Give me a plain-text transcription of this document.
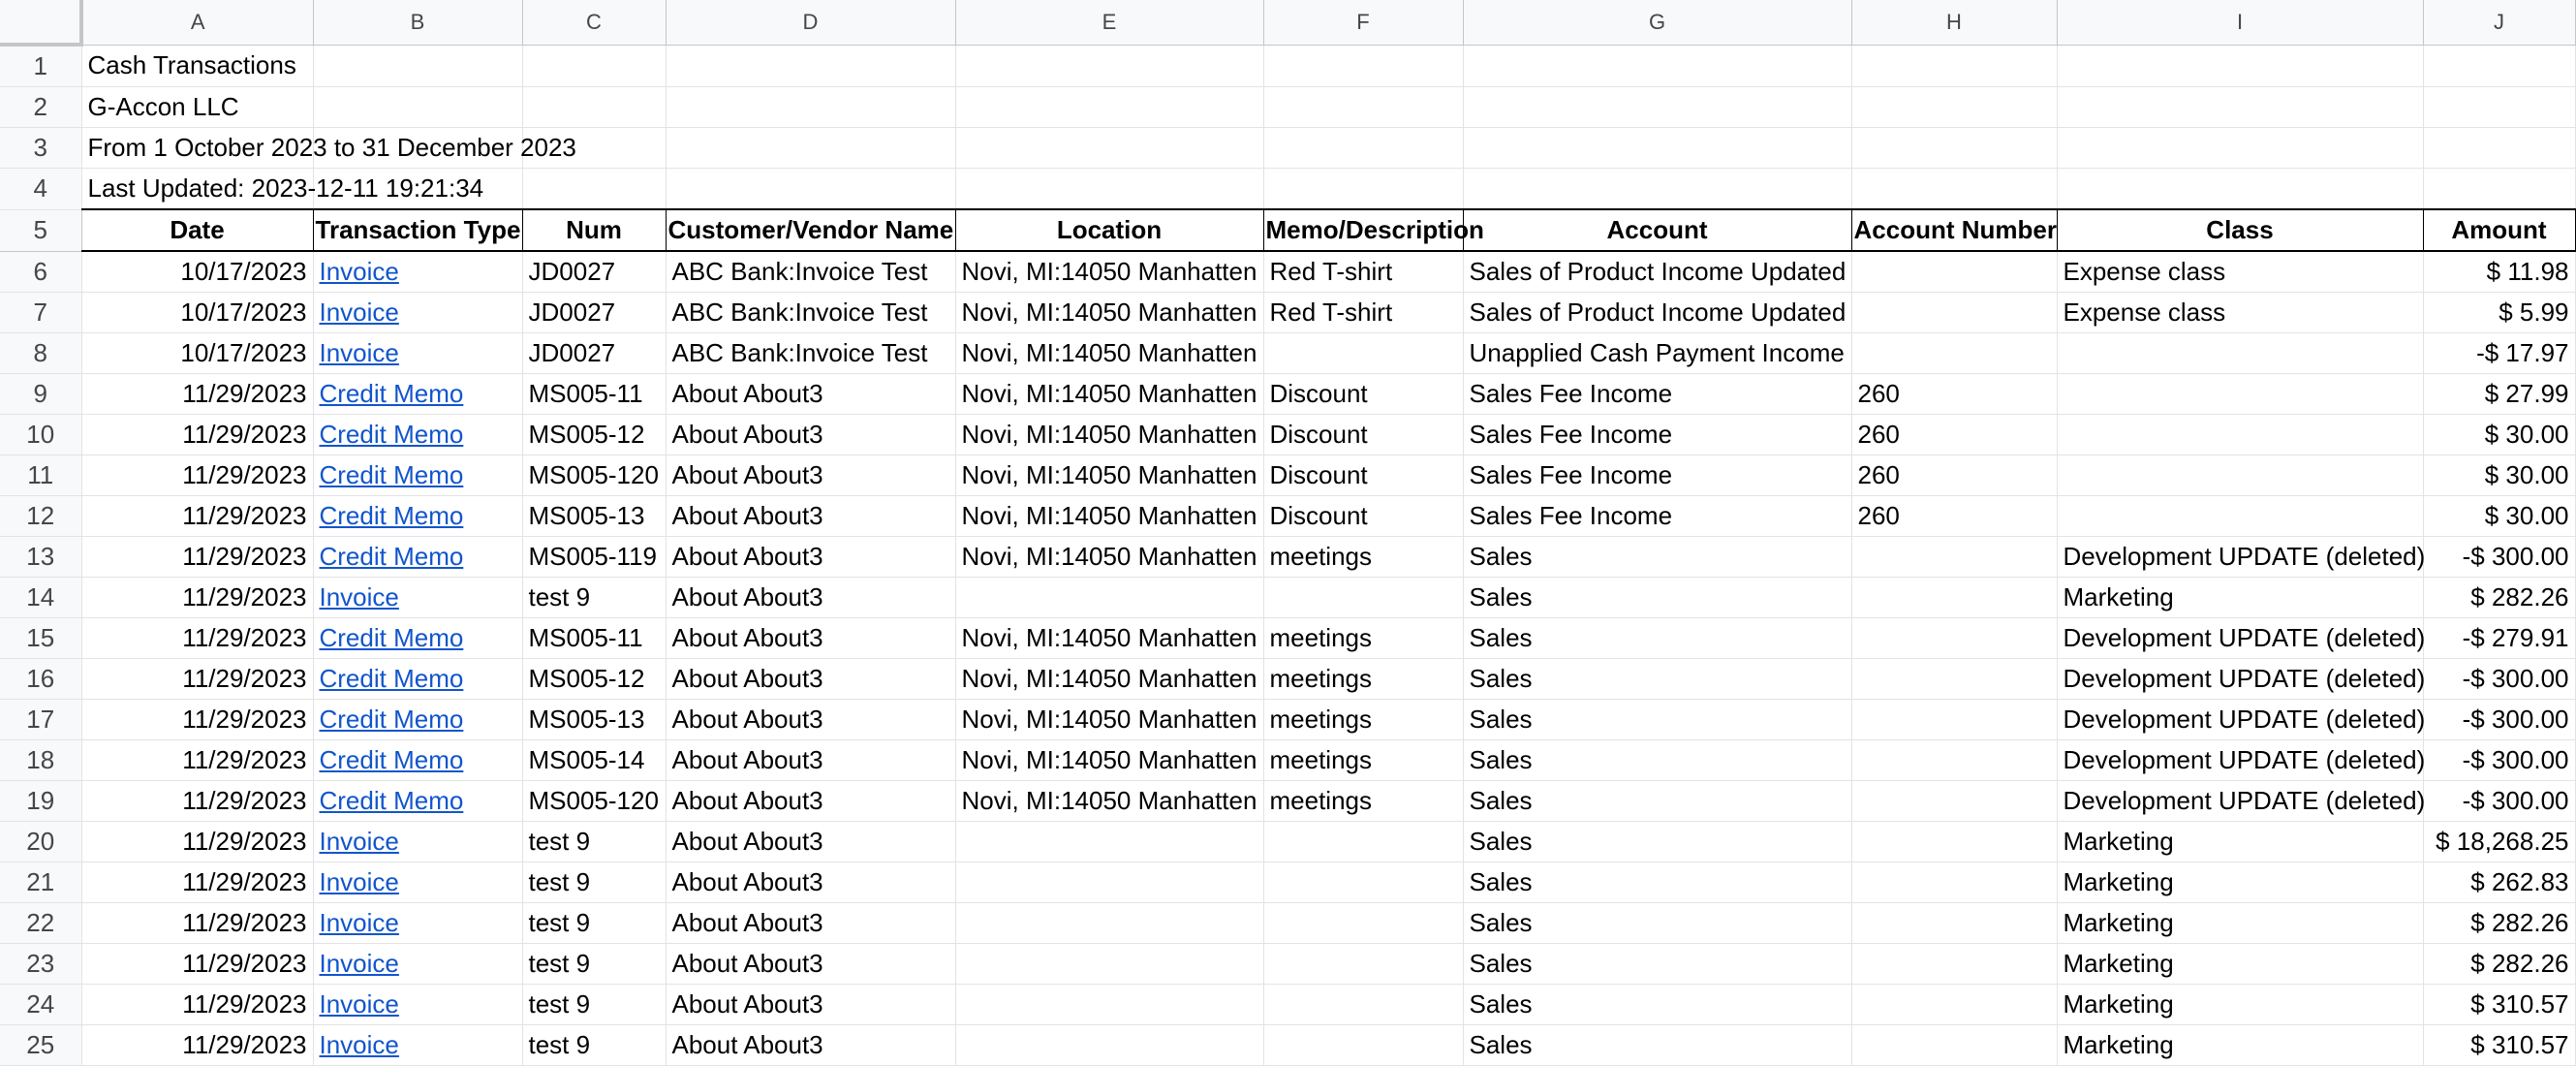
	A	B	C	D	E	F	G	H	I	J
1	Cash Transactions									
2	G-Accon LLC									
3	From 1 October 2023 to 31 December 2023									
4	Last Updated: 2023-12-11 19:21:34									
5	Date	Transaction Type	Num	Customer/Vendor Name	Location	Memo/Description	Account	Account Number	Class	Amount
6	10/17/2023	Invoice	JD0027	ABC Bank:Invoice Test	Novi, MI:14050 Manhatten	Red T-shirt	Sales of Product Income Updated		Expense class	$ 11.98
7	10/17/2023	Invoice	JD0027	ABC Bank:Invoice Test	Novi, MI:14050 Manhatten	Red T-shirt	Sales of Product Income Updated		Expense class	$ 5.99
8	10/17/2023	Invoice	JD0027	ABC Bank:Invoice Test	Novi, MI:14050 Manhatten		Unapplied Cash Payment Income			-$ 17.97
9	11/29/2023	Credit Memo	MS005-11	About About3	Novi, MI:14050 Manhatten	Discount	Sales Fee Income	260		$ 27.99
10	11/29/2023	Credit Memo	MS005-12	About About3	Novi, MI:14050 Manhatten	Discount	Sales Fee Income	260		$ 30.00
11	11/29/2023	Credit Memo	MS005-120	About About3	Novi, MI:14050 Manhatten	Discount	Sales Fee Income	260		$ 30.00
12	11/29/2023	Credit Memo	MS005-13	About About3	Novi, MI:14050 Manhatten	Discount	Sales Fee Income	260		$ 30.00
13	11/29/2023	Credit Memo	MS005-119	About About3	Novi, MI:14050 Manhatten	meetings	Sales		Development UPDATE (deleted)	-$ 300.00
14	11/29/2023	Invoice	test 9	About About3			Sales		Marketing	$ 282.26
15	11/29/2023	Credit Memo	MS005-11	About About3	Novi, MI:14050 Manhatten	meetings	Sales		Development UPDATE (deleted)	-$ 279.91
16	11/29/2023	Credit Memo	MS005-12	About About3	Novi, MI:14050 Manhatten	meetings	Sales		Development UPDATE (deleted)	-$ 300.00
17	11/29/2023	Credit Memo	MS005-13	About About3	Novi, MI:14050 Manhatten	meetings	Sales		Development UPDATE (deleted)	-$ 300.00
18	11/29/2023	Credit Memo	MS005-14	About About3	Novi, MI:14050 Manhatten	meetings	Sales		Development UPDATE (deleted)	-$ 300.00
19	11/29/2023	Credit Memo	MS005-120	About About3	Novi, MI:14050 Manhatten	meetings	Sales		Development UPDATE (deleted)	-$ 300.00
20	11/29/2023	Invoice	test 9	About About3			Sales		Marketing	$ 18,268.25
21	11/29/2023	Invoice	test 9	About About3			Sales		Marketing	$ 262.83
22	11/29/2023	Invoice	test 9	About About3			Sales		Marketing	$ 282.26
23	11/29/2023	Invoice	test 9	About About3			Sales		Marketing	$ 282.26
24	11/29/2023	Invoice	test 9	About About3			Sales		Marketing	$ 310.57
25	11/29/2023	Invoice	test 9	About About3			Sales		Marketing	$ 310.57
